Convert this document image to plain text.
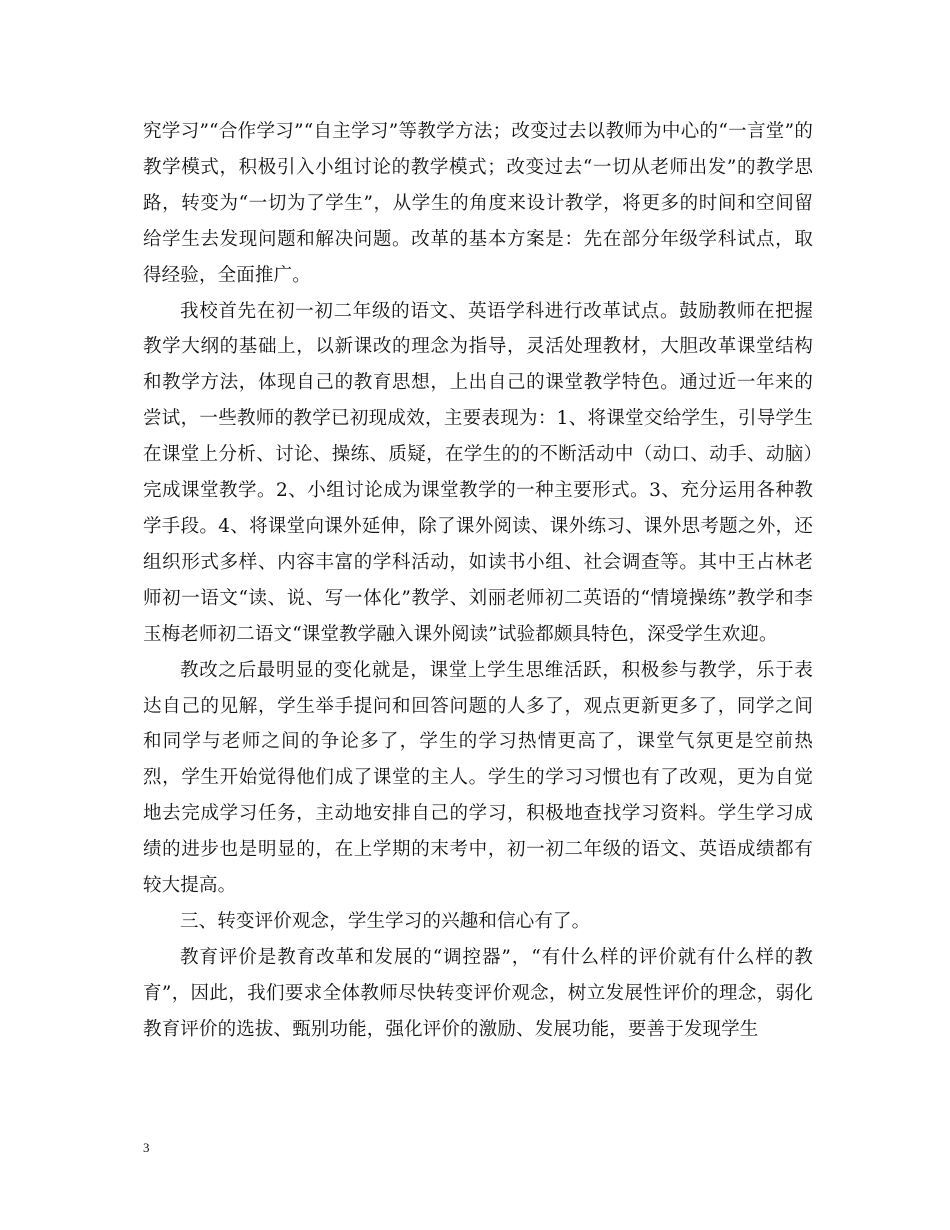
究学习”“合作学习”“自主学习”等教学方法；改变过去以教师为中心的“一言堂”的教学模式，积极引入小组讨论的教学模式；改变过去“一切从老师出发”的教学思路，转变为“一切为了学生”，从学生的角度来设计教学，将更多的时间和空间留给学生去发现问题和解决问题。改革的基本方案是：先在部分年级学科试点，取得经验，全面推广。

我校首先在初一初二年级的语文、英语学科进行改革试点。鼓励教师在把握教学大纲的基础上，以新课改的理念为指导，灵活处理教材，大胆改革课堂结构和教学方法，体现自己的教育思想，上出自己的课堂教学特色。通过近一年来的尝试，一些教师的教学已初现成效，主要表现为：1、将课堂交给学生，引导学生在课堂上分析、讨论、操练、质疑，在学生的的不断活动中（动口、动手、动脑）完成课堂教学。2、小组讨论成为课堂教学的一种主要形式。3、充分运用各种教学手段。4、将课堂向课外延伸，除了课外阅读、课外练习、课外思考题之外，还组织形式多样、内容丰富的学科活动，如读书小组、社会调查等。其中王占林老师初一语文“读、说、写一体化”教学、刘丽老师初二英语的“情境操练”教学和李玉梅老师初二语文“课堂教学融入课外阅读”试验都颇具特色，深受学生欢迎。

教改之后最明显的变化就是，课堂上学生思维活跃，积极参与教学，乐于表达自己的见解，学生举手提问和回答问题的人多了，观点更新更多了，同学之间和同学与老师之间的争论多了，学生的学习热情更高了，课堂气氛更是空前热烈，学生开始觉得他们成了课堂的主人。学生的学习习惯也有了改观，更为自觉地去完成学习任务，主动地安排自己的学习，积极地查找学习资料。学生学习成绩的进步也是明显的，在上学期的末考中，初一初二年级的语文、英语成绩都有较大提高。

三、转变评价观念，学生学习的兴趣和信心有了。

教育评价是教育改革和发展的“调控器”，“有什么样的评价就有什么样的教育”，因此，我们要求全体教师尽快转变评价观念，树立发展性评价的理念，弱化教育评价的选拔、甄别功能，强化评价的激励、发展功能，要善于发现学生

3
